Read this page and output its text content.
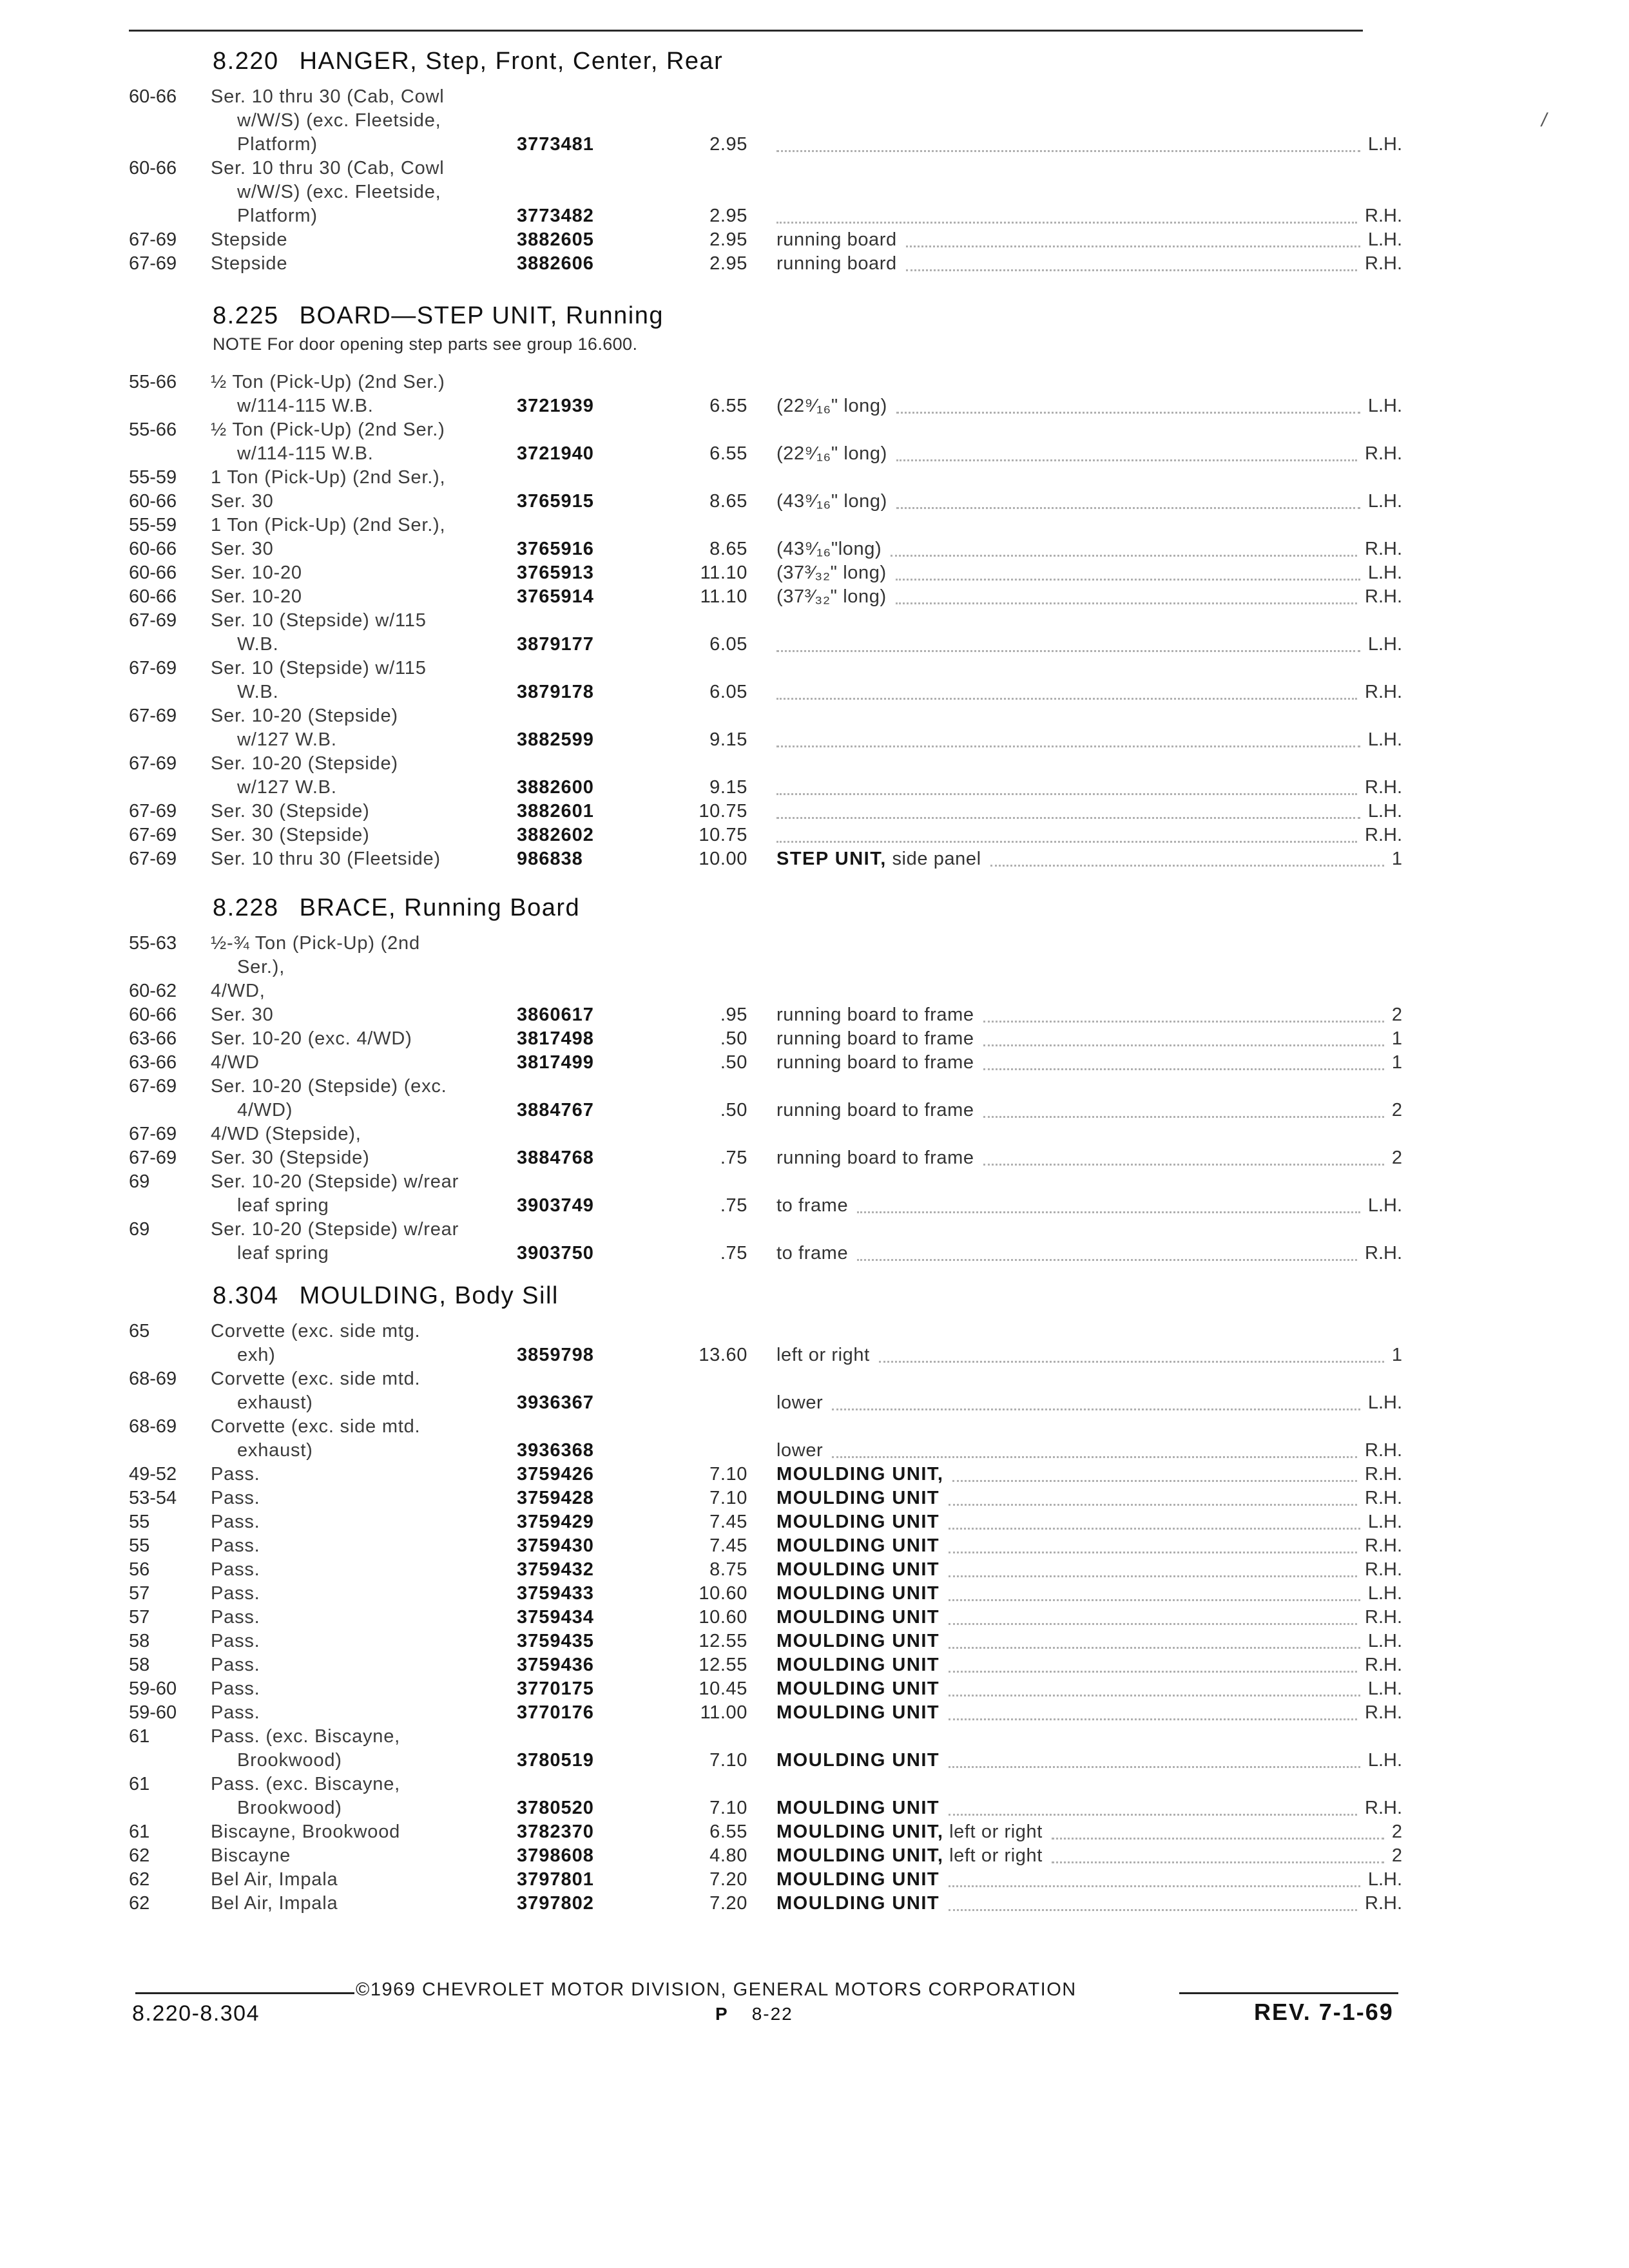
/
8.220 HANGER, Step, Front, Center, Rear
60-66	Ser. 10 thru 30 (Cab, Cowl
w/W/S) (exc. Fleetside,
Platform)	3773481	2.95	L.H.
60-66	Ser. 10 thru 30 (Cab, Cowl
w/W/S) (exc. Fleetside,
Platform)	3773482	2.95	R.H.
67-69	Stepside	3882605	2.95 running board	L.H.
67-69	Stepside	3882606	2.95 running board	R.H.
8.225 BOARD—STEP UNIT, Running
NOTE For door opening step parts see group 16.600.
55-66	½ Ton (Pick-Up) (2nd Ser.)
w/114-115 W.B.	3721939	6.55 (22⁹⁄₁₆" long)	L.H.
55-66	½ Ton (Pick-Up) (2nd Ser.)
w/114-115 W.B.	3721940	6.55 (22⁹⁄₁₆" long)	R.H.
55-59	1 Ton (Pick-Up) (2nd Ser.),
60-66	Ser. 30	3765915	8.65 (43⁹⁄₁₆" long)	L.H.
55-59	1 Ton (Pick-Up) (2nd Ser.),
60-66	Ser. 30	3765916	8.65 (43⁹⁄₁₆"long)	R.H.
60-66	Ser. 10-20	3765913	11.10 (37³⁄₃₂" long)	L.H.
60-66	Ser. 10-20	3765914	11.10 (37³⁄₃₂" long)	R.H.
67-69	Ser. 10 (Stepside) w/115
W.B.	3879177	6.05	L.H.
67-69	Ser. 10 (Stepside) w/115
W.B.	3879178	6.05	R.H.
67-69	Ser. 10-20 (Stepside)
w/127 W.B.	3882599	9.15	L.H.
67-69	Ser. 10-20 (Stepside)
w/127 W.B.	3882600	9.15	R.H.
67-69	Ser. 30 (Stepside)	3882601	10.75	L.H.
67-69	Ser. 30 (Stepside)	3882602	10.75	R.H.
67-69	Ser. 10 thru 30 (Fleetside)	986838	10.00 STEP UNIT, side panel	1
8.228 BRACE, Running Board
55-63	½-¾ Ton (Pick-Up) (2nd
Ser.),
60-62	4/WD,
60-66	Ser. 30	3860617	.95 running board to frame	2
63-66	Ser. 10-20 (exc. 4/WD)	3817498	.50 running board to frame	1
63-66	4/WD	3817499	.50 running board to frame	1
67-69	Ser. 10-20 (Stepside) (exc.
4/WD)	3884767	.50 running board to frame	2
67-69	4/WD (Stepside),
67-69	Ser. 30 (Stepside)	3884768	.75 running board to frame	2
69	Ser. 10-20 (Stepside) w/rear
leaf spring	3903749	.75 to frame	L.H.
69	Ser. 10-20 (Stepside) w/rear
leaf spring	3903750	.75 to frame	R.H.
8.304 MOULDING, Body Sill
65	Corvette (exc. side mtg.
exh)	3859798	13.60 left or right	1
68-69	Corvette (exc. side mtd.
exhaust)	3936367	lower	L.H.
68-69	Corvette (exc. side mtd.
exhaust)	3936368	lower	R.H.
49-52	Pass.	3759426	7.10 MOULDING UNIT,	R.H.
53-54	Pass.	3759428	7.10 MOULDING UNIT	R.H.
55	Pass.	3759429	7.45 MOULDING UNIT	L.H.
55	Pass.	3759430	7.45 MOULDING UNIT	R.H.
56	Pass.	3759432	8.75 MOULDING UNIT	R.H.
57	Pass.	3759433	10.60 MOULDING UNIT	L.H.
57	Pass.	3759434	10.60 MOULDING UNIT	R.H.
58	Pass.	3759435	12.55 MOULDING UNIT	L.H.
58	Pass.	3759436	12.55 MOULDING UNIT	R.H.
59-60	Pass.	3770175	10.45 MOULDING UNIT	L.H.
59-60	Pass.	3770176	11.00 MOULDING UNIT	R.H.
61	Pass. (exc. Biscayne,
Brookwood)	3780519	7.10 MOULDING UNIT	L.H.
61	Pass. (exc. Biscayne,
Brookwood)	3780520	7.10 MOULDING UNIT	R.H.
61	Biscayne, Brookwood	3782370	6.55 MOULDING UNIT, left or right	2
62	Biscayne	3798608	4.80 MOULDING UNIT, left or right	2
62	Bel Air, Impala	3797801	7.20 MOULDING UNIT	L.H.
62	Bel Air, Impala	3797802	7.20 MOULDING UNIT	R.H.
©1969 CHEVROLET MOTOR DIVISION, GENERAL MOTORS CORPORATION
8.220-8.304	P 8-22	REV. 7-1-69
